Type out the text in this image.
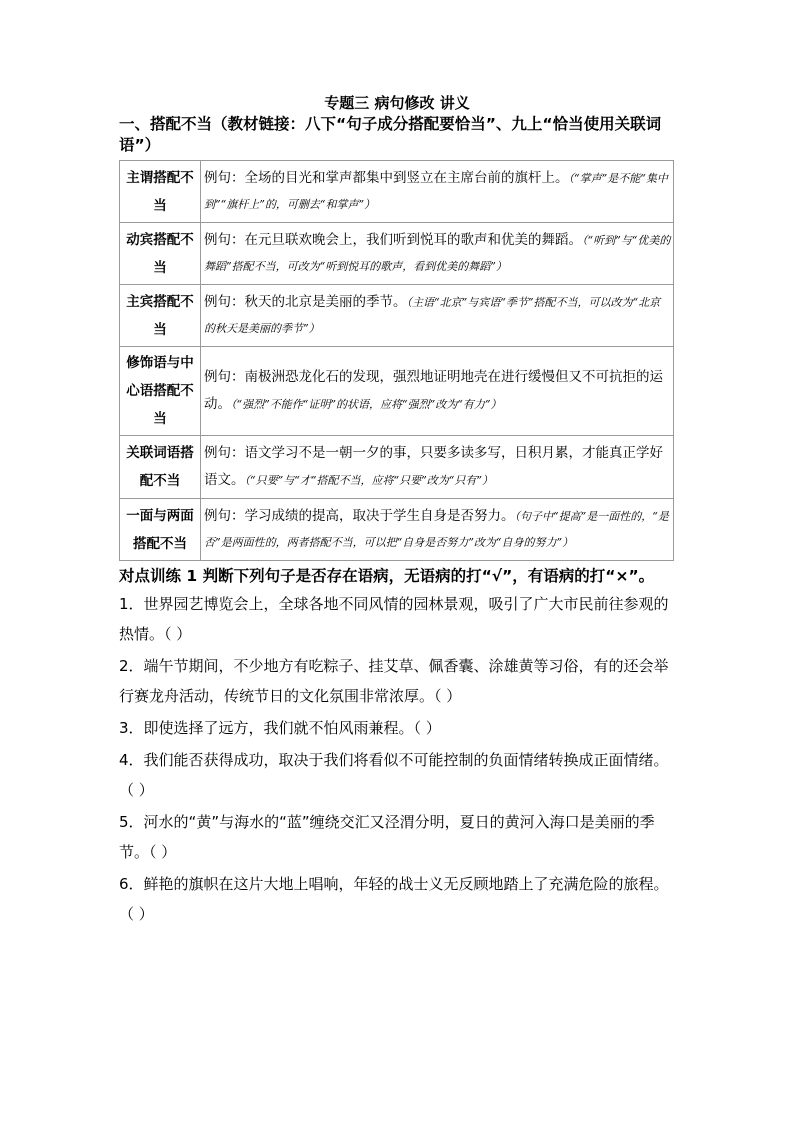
专题三 病句修改 讲义

一、搭配不当（教材链接：八下“句子成分搭配要恰当”、九上“恰当使用关联词语”）

主谓搭配不当	例句：全场的目光和掌声都集中到竖立在主席台前的旗杆上。（“掌声”是不能“集中到”“旗杆上”的，可删去“和掌声”）
动宾搭配不当	例句：在元旦联欢晚会上，我们听到悦耳的歌声和优美的舞蹈。（“听到”与“优美的舞蹈”搭配不当，可改为“听到悦耳的歌声，看到优美的舞蹈”）
主宾搭配不当	例句：秋天的北京是美丽的季节。（主语“北京”与宾语“季节”搭配不当，可以改为“北京的秋天是美丽的季节”）
修饰语与中心语搭配不当	例句：南极洲恐龙化石的发现，强烈地证明地壳在进行缓慢但又不可抗拒的运动。（“强烈”不能作“证明”的状语，应将“强烈”改为“有力”）
关联词语搭配不当	例句：语文学习不是一朝一夕的事，只要多读多写，日积月累，才能真正学好语文。（“只要”与“才”搭配不当，应将“只要”改为“只有”）
一面与两面搭配不当	例句：学习成绩的提高，取决于学生自身是否努力。（句子中“提高”是一面性的，“是否”是两面性的，两者搭配不当，可以把“自身是否努力”改为“自身的努力”）

对点训练 1 判断下列句子是否存在语病，无语病的打“√”，有语病的打“×”。

1．世界园艺博览会上，全球各地不同风情的园林景观，吸引了广大市民前往参观的热情。（ ）

2．端午节期间，不少地方有吃粽子、挂艾草、佩香囊、涂雄黄等习俗，有的还会举行赛龙舟活动，传统节日的文化氛围非常浓厚。（ ）

3．即使选择了远方，我们就不怕风雨兼程。（ ）

4．我们能否获得成功，取决于我们将看似不可能控制的负面情绪转换成正面情绪。（ ）

5．河水的“黄”与海水的“蓝”缠绕交汇又泾渭分明，夏日的黄河入海口是美丽的季节。（ ）

6．鲜艳的旗帜在这片大地上唱响，年轻的战士义无反顾地踏上了充满危险的旅程。（ ）
